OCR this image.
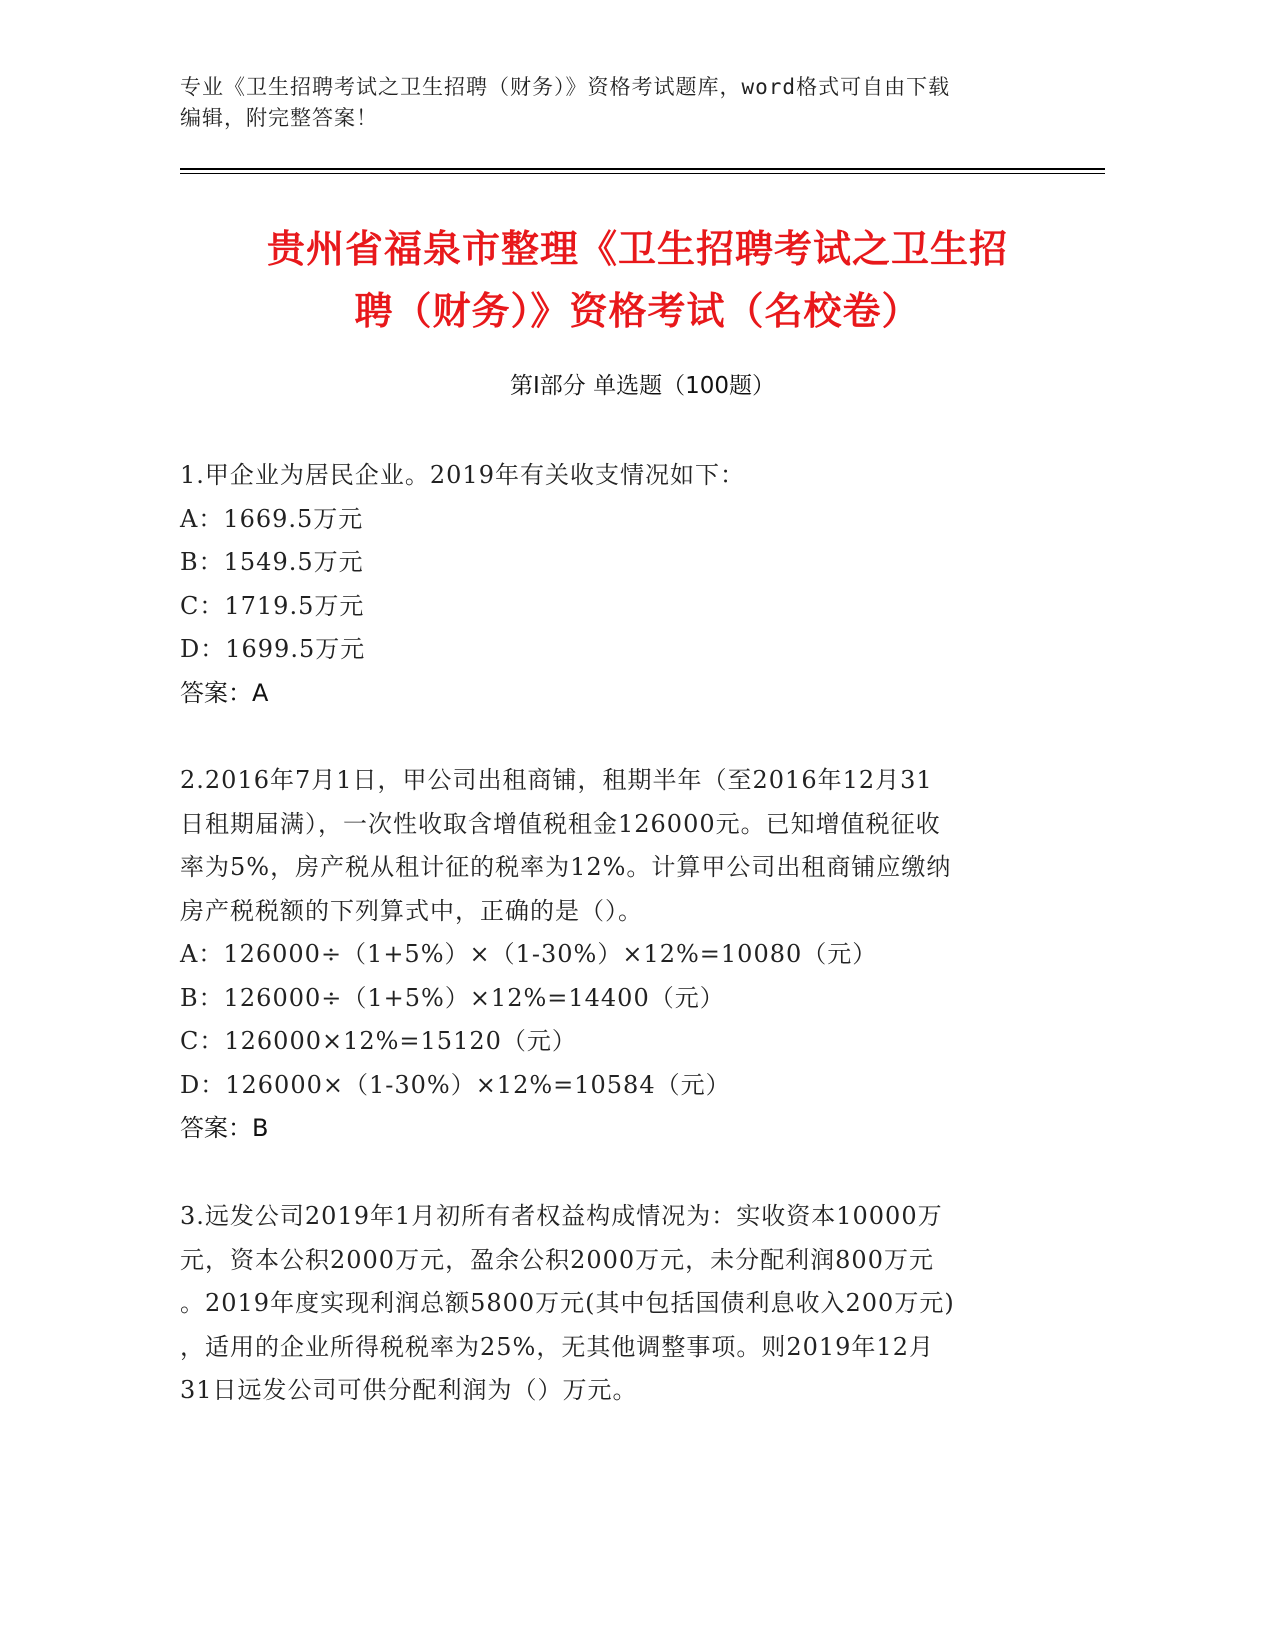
专业《卫生招聘考试之卫生招聘（财务）》资格考试题库，word格式可自由下载
编辑，附完整答案！
贵州省福泉市整理《卫生招聘考试之卫生招
聘（财务）》资格考试（名校卷）
第Ⅰ部分 单选题（100题）
1.甲企业为居民企业。2019年有关收支情况如下：
A：1669.5万元
B：1549.5万元
C：1719.5万元
D：1699.5万元
答案：A
2.2016年7月1日，甲公司出租商铺，租期半年（至2016年12月31
日租期届满），一次性收取含增值税租金126000元。已知增值税征收
率为5%，房产税从租计征的税率为12%。计算甲公司出租商铺应缴纳
房产税税额的下列算式中，正确的是（）。
A：126000÷（1+5%）×（1-30%）×12%=10080（元）
B：126000÷（1+5%）×12%=14400（元）
C：126000×12%=15120（元）
D：126000×（1-30%）×12%=10584（元）
答案：B
3.远发公司2019年1月初所有者权益构成情况为：实收资本10000万
元，资本公积2000万元，盈余公积2000万元，未分配利润800万元
。2019年度实现利润总额5800万元(其中包括国债利息收入200万元)
，适用的企业所得税税率为25%，无其他调整事项。则2019年12月
31日远发公司可供分配利润为（）万元。
